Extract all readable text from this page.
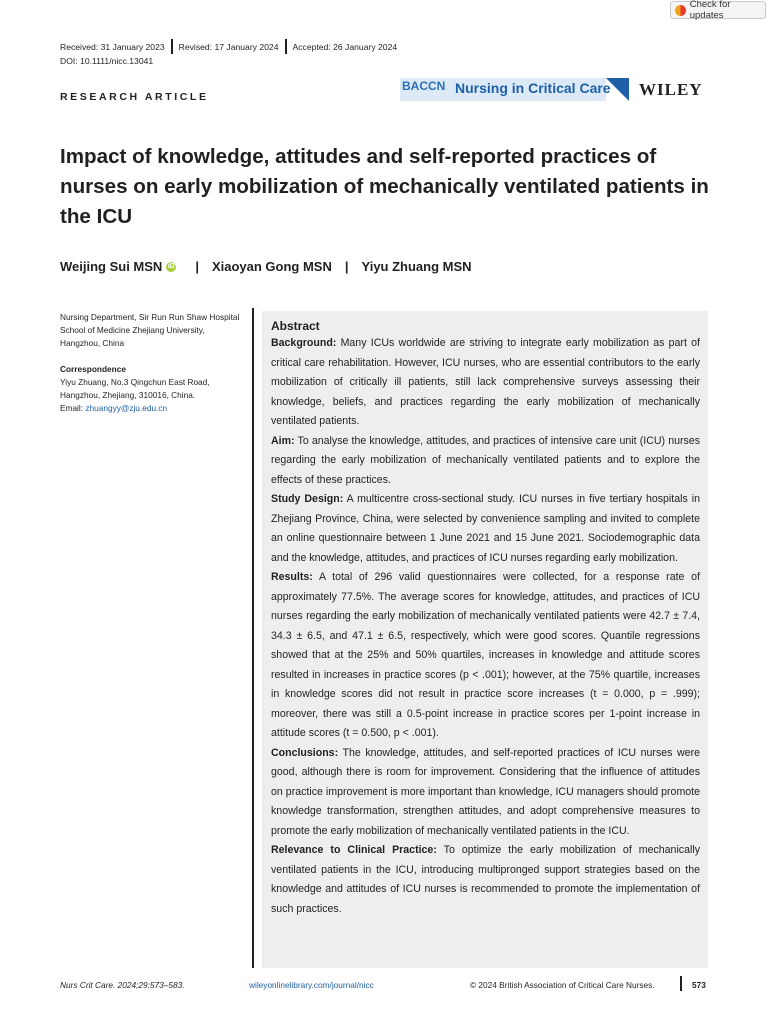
Check for updates
Received: 31 January 2023 Revised: 17 January 2024 Accepted: 26 January 2024
DOI: 10.1111/nicc.13041
RESEARCH ARTICLE
BACCN Nursing in Critical Care WILEY
Impact of knowledge, attitudes and self-reported practices of nurses on early mobilization of mechanically ventilated patients in the ICU
Weijing Sui MSN iD | Xiaoyan Gong MSN | Yiyu Zhuang MSN
Nursing Department, Sir Run Run Shaw Hospital School of Medicine Zhejiang University, Hangzhou, China
Correspondence
Yiyu Zhuang, No.3 Qingchun East Road, Hangzhou, Zhejiang, 310016, China.
Email: zhuangyy@zju.edu.cn
Abstract

Background: Many ICUs worldwide are striving to integrate early mobilization as part of critical care rehabilitation. However, ICU nurses, who are essential contributors to the early mobilization of critically ill patients, still lack comprehensive surveys assessing their knowledge, beliefs, and practices regarding the early mobilization of mechanically ventilated patients.

Aim: To analyse the knowledge, attitudes, and practices of intensive care unit (ICU) nurses regarding the early mobilization of mechanically ventilated patients and to explore the effects of these practices.

Study Design: A multicentre cross-sectional study. ICU nurses in five tertiary hospitals in Zhejiang Province, China, were selected by convenience sampling and invited to complete an online questionnaire between 1 June 2021 and 15 June 2021. Sociodemographic data and the knowledge, attitudes, and practices of ICU nurses regarding early mobilization.

Results: A total of 296 valid questionnaires were collected, for a response rate of approximately 77.5%. The average scores for knowledge, attitudes, and practices of ICU nurses regarding the early mobilization of mechanically ventilated patients were 42.7 ± 7.4, 34.3 ± 6.5, and 47.1 ± 6.5, respectively, which were good scores. Quantile regressions showed that at the 25% and 50% quartiles, increases in knowledge and attitude scores resulted in increases in practice scores (p < .001); however, at the 75% quartile, increases in knowledge scores did not result in practice score increases (t = 0.000, p = .999); moreover, there was still a 0.5-point increase in practice scores per 1-point increase in attitude scores (t = 0.500, p < .001).

Conclusions: The knowledge, attitudes, and self-reported practices of ICU nurses were good, although there is room for improvement. Considering that the influence of attitudes on practice improvement is more important than knowledge, ICU managers should promote knowledge transformation, strengthen attitudes, and adopt comprehensive measures to promote the early mobilization of mechanically ventilated patients in the ICU.

Relevance to Clinical Practice: To optimize the early mobilization of mechanically ventilated patients in the ICU, introducing multipronged support strategies based on the knowledge and attitudes of ICU nurses is recommended to promote the implementation of such practices.

Nurs Crit Care. 2024;29:573–583.	wileyonlinelibrary.com/journal/nicc	© 2024 British Association of Critical Care Nurses.	573
